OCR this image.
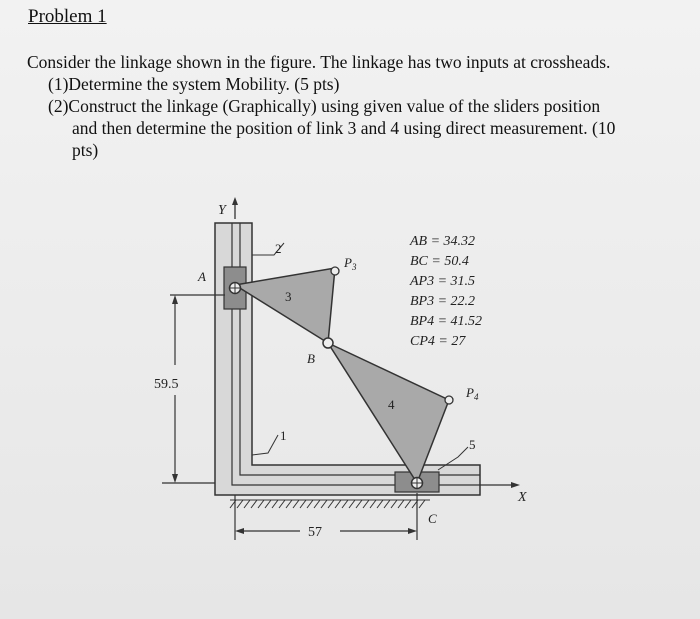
Problem 1
Consider the linkage shown in the figure. The linkage has two inputs at crossheads.
(1)Determine the system Mobility. (5 pts)
(2)Construct the linkage (Graphically) using given value of the sliders position
and then determine the position of link 3 and 4 using direct measurement. (10
pts)
Y
X
A
B
C
$P_3$
$P_4$
1
2
3
4
5
59.5
57
AB = 34.32
BC = 50.4
AP3 = 31.5
BP3 = 22.2
BP4 = 41.52
CP4 = 27
